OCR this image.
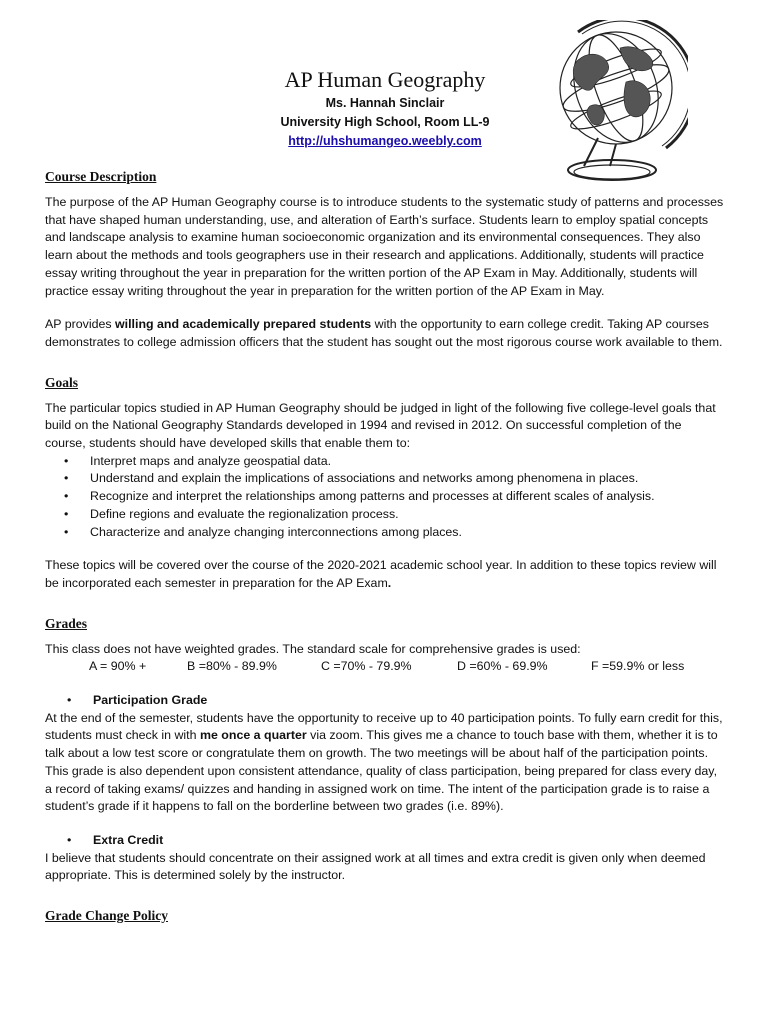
AP Human Geography
Ms. Hannah Sinclair
University High School, Room LL-9
http://uhshumangeo.weebly.com
Course Description

The purpose of the AP Human Geography course is to introduce students to the systematic study of patterns and processes that have shaped human understanding, use, and alteration of Earth’s surface. Students learn to employ spatial concepts and landscape analysis to examine human socioeconomic organization and its environmental consequences. They also learn about the methods and tools geographers use in their research and applications. Additionally, students will practice essay writing throughout the year in preparation for the written portion of the AP Exam in May. Additionally, students will practice essay writing throughout the year in preparation for the written portion of the AP Exam in May.

AP provides willing and academically prepared students with the opportunity to earn college credit. Taking AP courses demonstrates to college admission officers that the student has sought out the most rigorous course work available to them.

Goals

The particular topics studied in AP Human Geography should be judged in light of the following five college-level goals that build on the National Geography Standards developed in 1994 and revised in 2012. On successful completion of the course, students should have developed skills that enable them to:

• Interpret maps and analyze geospatial data.
• Understand and explain the implications of associations and networks among phenomena in places.
• Recognize and interpret the relationships among patterns and processes at different scales of analysis.
• Define regions and evaluate the regionalization process.
• Characterize and analyze changing interconnections among places.

These topics will be covered over the course of the 2020-2021 academic school year. In addition to these topics review will be incorporated each semester in preparation for the AP Exam.

Grades

This class does not have weighted grades. The standard scale for comprehensive grades is used:

A = 90% +	B =80% - 89.9%	C =70% - 79.9%	D =60% - 69.9%	F =59.9% or less
• Participation Grade

At the end of the semester, students have the opportunity to receive up to 40 participation points. To fully earn credit for this, students must check in with me once a quarter via zoom. This gives me a chance to touch base with them, whether it is to talk about a low test score or congratulate them on growth. The two meetings will be about half of the participation points. This grade is also dependent upon consistent attendance, quality of class participation, being prepared for class every day, a record of taking exams/ quizzes and handing in assigned work on time. The intent of the participation grade is to raise a student’s grade if it happens to fall on the borderline between two grades (i.e. 89%).

• Extra Credit

I believe that students should concentrate on their assigned work at all times and extra credit is given only when deemed appropriate. This is determined solely by the instructor.

Grade Change Policy
